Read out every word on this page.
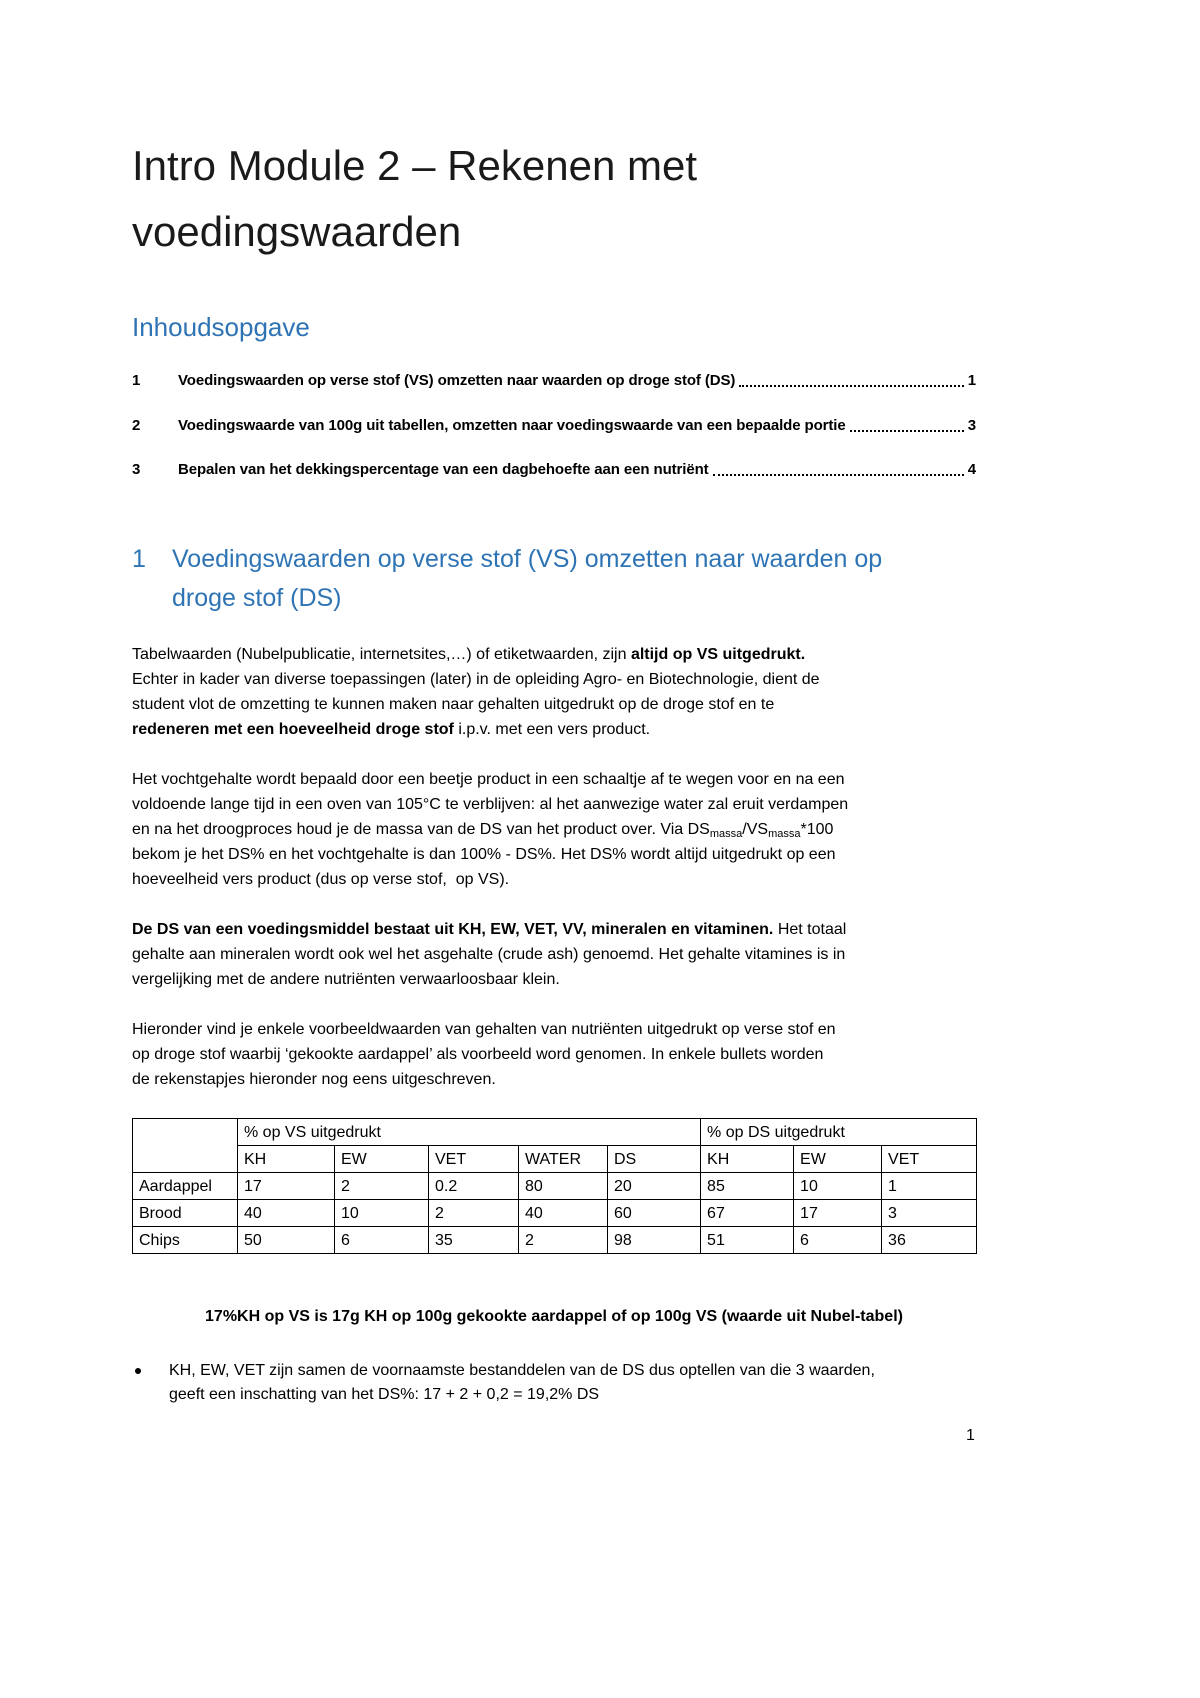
Intro Module 2 – Rekenen met
voedingswaarden
Inhoudsopgave
1	Voedingswaarden op verse stof (VS) omzetten naar waarden op droge stof (DS)	1
2	Voedingswaarde van 100g uit tabellen, omzetten naar voedingswaarde van een bepaalde portie	3
3	Bepalen van het dekkingspercentage van een dagbehoefte aan een nutriënt	4
1	Voedingswaarden op verse stof (VS) omzetten naar waarden op
droge stof (DS)
Tabelwaarden (Nubelpublicatie, internetsites,…) of etiketwaarden, zijn altijd op VS uitgedrukt.
Echter in kader van diverse toepassingen (later) in de opleiding Agro- en Biotechnologie, dient de
student vlot de omzetting te kunnen maken naar gehalten uitgedrukt op de droge stof en te
redeneren met een hoeveelheid droge stof i.p.v. met een vers product.
Het vochtgehalte wordt bepaald door een beetje product in een schaaltje af te wegen voor en na een
voldoende lange tijd in een oven van 105°C te verblijven: al het aanwezige water zal eruit verdampen
en na het droogproces houd je de massa van de DS van het product over. Via DSmassa/VSmassa*100
bekom je het DS% en het vochtgehalte is dan 100% - DS%. Het DS% wordt altijd uitgedrukt op een
hoeveelheid vers product (dus op verse stof,  op VS).
De DS van een voedingsmiddel bestaat uit KH, EW, VET, VV, mineralen en vitaminen. Het totaal
gehalte aan mineralen wordt ook wel het asgehalte (crude ash) genoemd. Het gehalte vitamines is in
vergelijking met de andere nutriënten verwaarloosbaar klein.
Hieronder vind je enkele voorbeeldwaarden van gehalten van nutriënten uitgedrukt op verse stof en
op droge stof waarbij ‘gekookte aardappel’ als voorbeeld word genomen. In enkele bullets worden
de rekenstapjes hieronder nog eens uitgeschreven.
	% op VS uitgedrukt					% op DS uitgedrukt		
	KH	EW	VET	WATER	DS	KH	EW	VET
Aardappel	17	2	0.2	80	20	85	10	1
Brood	40	10	2	40	60	67	17	3
Chips	50	6	35	2	98	51	6	36
17%KH op VS is 17g KH op 100g gekookte aardappel of op 100g VS (waarde uit Nubel-tabel)
KH, EW, VET zijn samen de voornaamste bestanddelen van de DS dus optellen van die 3 waarden,
geeft een inschatting van het DS%: 17 + 2 + 0,2 = 19,2% DS
1
